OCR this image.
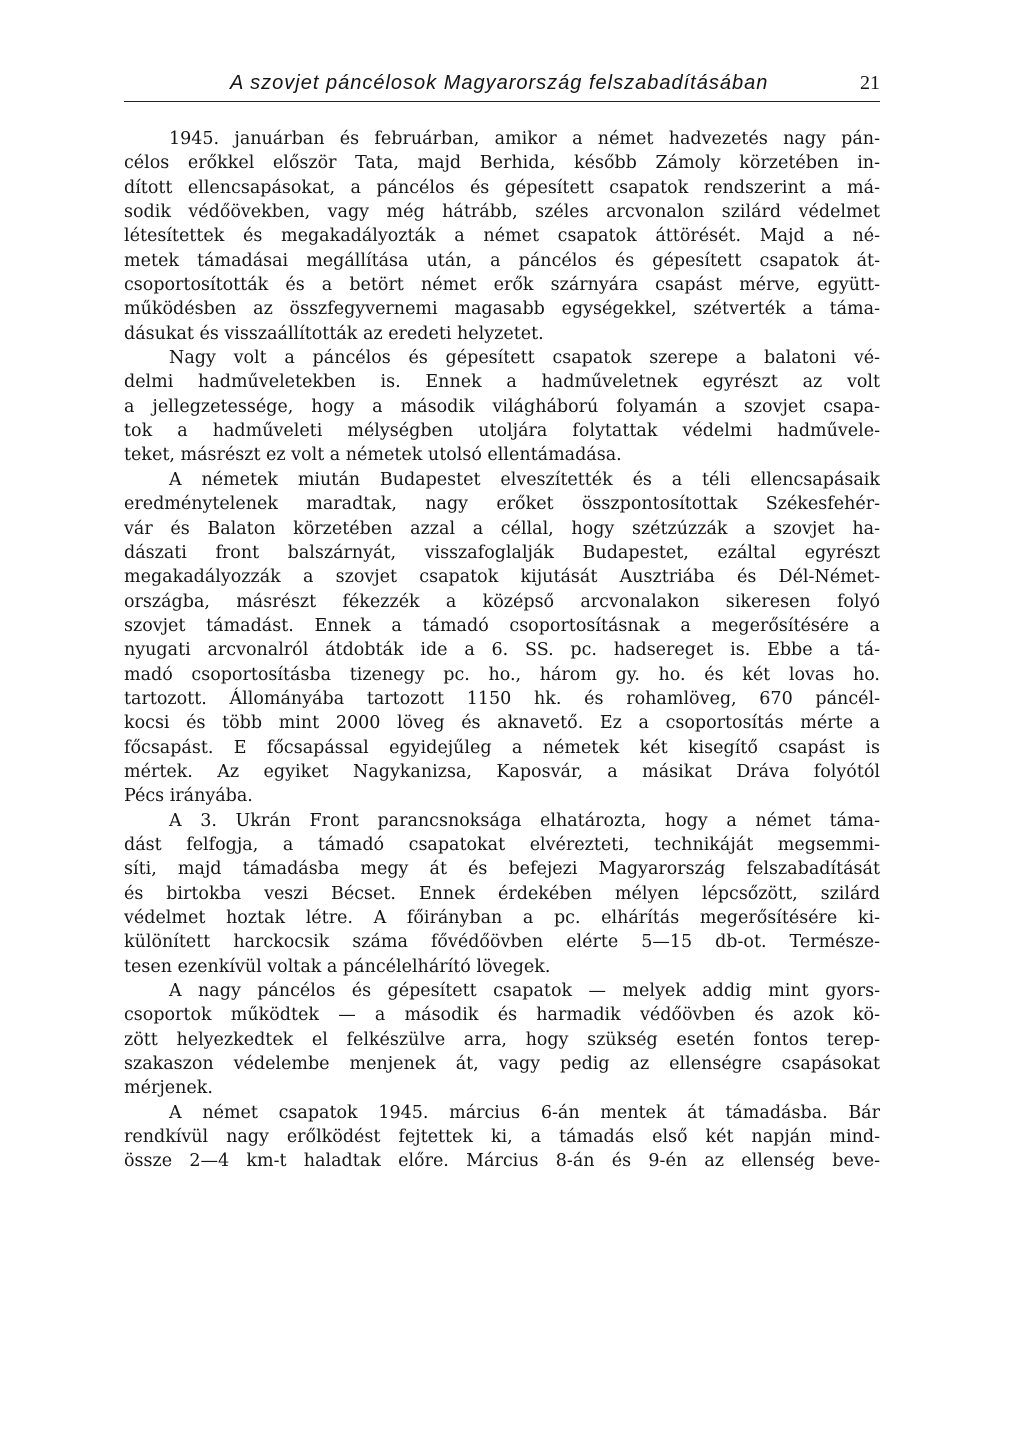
A szovjet páncélosok Magyarország felszabadításában	21
1945. januárban és februárban, amikor a német hadvezetés nagy pán-
célos erőkkel először Tata, majd Berhida, később Zámoly körzetében in-
dított ellencsapásokat, a páncélos és gépesített csapatok rendszerint a má-
sodik védőövekben, vagy még hátrább, széles arcvonalon szilárd védelmet
létesítettek és megakadályozták a német csapatok áttörését. Majd a né-
metek támadásai megállítása után, a páncélos és gépesített csapatok át-
csoportosították és a betört német erők szárnyára csapást mérve, együtt-
működésben az összfegyvernemi magasabb egységekkel, szétverték a táma-
dásukat és visszaállították az eredeti helyzetet.
Nagy volt a páncélos és gépesített csapatok szerepe a balatoni vé-
delmi hadműveletekben is. Ennek a hadműveletnek egyrészt az volt
a jellegzetessége, hogy a második világháború folyamán a szovjet csapa-
tok a hadműveleti mélységben utoljára folytattak védelmi hadművele-
teket, másrészt ez volt a németek utolsó ellentámadása.
A németek miután Budapestet elveszítették és a téli ellencsapásaik
eredménytelenek maradtak, nagy erőket összpontosítottak Székesfehér-
vár és Balaton körzetében azzal a céllal, hogy szétzúzzák a szovjet ha-
dászati front balszárnyát, visszafoglalják Budapestet, ezáltal egyrészt
megakadályozzák a szovjet csapatok kijutását Ausztriába és Dél-Német-
országba, másrészt fékezzék a középső arcvonalakon sikeresen folyó
szovjet támadást. Ennek a támadó csoportosításnak a megerősítésére a
nyugati arcvonalról átdobták ide a 6. SS. pc. hadsereget is. Ebbe a tá-
madó csoportosításba tizenegy pc. ho., három gy. ho. és két lovas ho.
tartozott. Állományába tartozott 1150 hk. és rohamlöveg, 670 páncél-
kocsi és több mint 2000 löveg és aknavető. Ez a csoportosítás mérte a
főcsapást. E főcsapással egyidejűleg a németek két kisegítő csapást is
mértek. Az egyiket Nagykanizsa, Kaposvár, a másikat Dráva folyótól
Pécs irányába.
A 3. Ukrán Front parancsnoksága elhatározta, hogy a német táma-
dást felfogja, a támadó csapatokat elvérezteti, technikáját megsemmi-
síti, majd támadásba megy át és befejezi Magyarország felszabadítását
és birtokba veszi Bécset. Ennek érdekében mélyen lépcsőzött, szilárd
védelmet hoztak létre. A főirányban a pc. elhárítás megerősítésére ki-
különített harckocsik száma fővédőövben elérte 5—15 db-ot. Természe-
tesen ezenkívül voltak a páncélelhárító lövegek.
A nagy páncélos és gépesített csapatok — melyek addig mint gyors-
csoportok működtek — a második és harmadik védőövben és azok kö-
zött helyezkedtek el felkészülve arra, hogy szükség esetén fontos terep-
szakaszon védelembe menjenek át, vagy pedig az ellenségre csapásokat
mérjenek.
A német csapatok 1945. március 6-án mentek át támadásba. Bár
rendkívül nagy erőlködést fejtettek ki, a támadás első két napján mind-
össze 2—4 km-t haladtak előre. Március 8-án és 9-én az ellenség beve-
